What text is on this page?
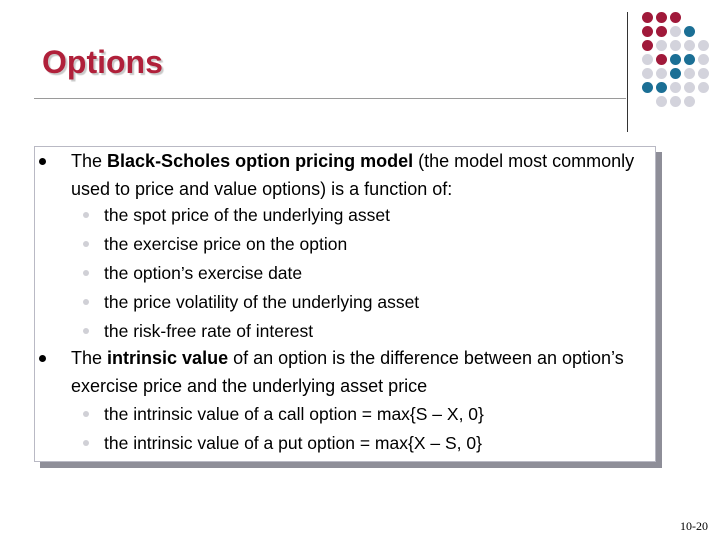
Options
The Black-Scholes option pricing model (the model most commonly used to price and value options) is a function of:
the spot price of the underlying asset
the exercise price on the option
the option’s exercise date
the price volatility of the underlying asset
the risk-free rate of interest
The intrinsic value of an option is the difference between an option’s exercise price and the underlying asset price
the intrinsic value of a call option = max{S – X, 0}
the intrinsic value of a put option = max{X – S, 0}
10-20
